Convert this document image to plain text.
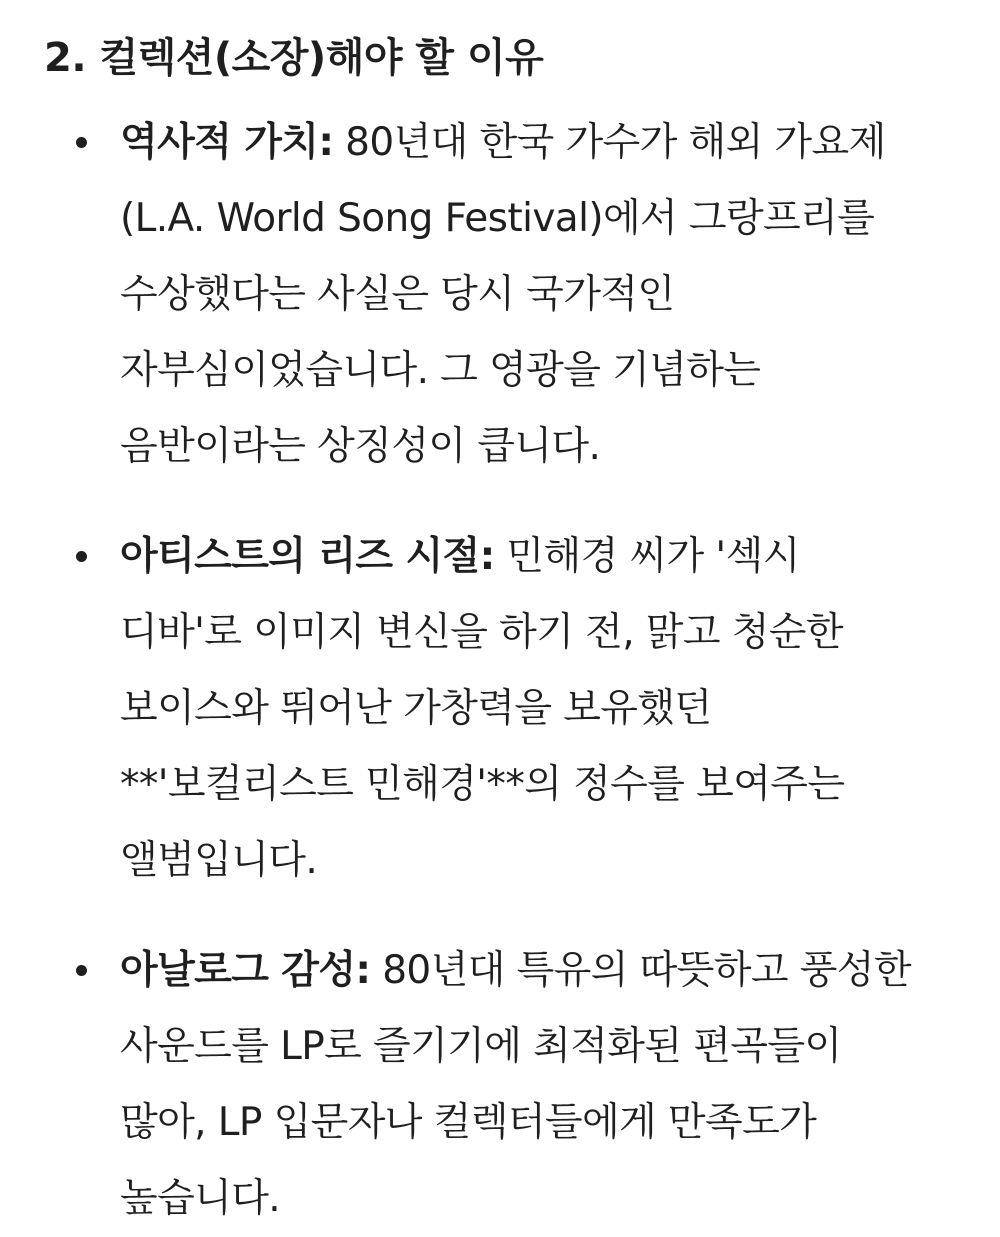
2. 컬렉션(소장)해야 할 이유
역사적 가치: 80년대 한국 가수가 해외 가요제(L.A. World Song Festival)에서 그랑프리를 수상했다는 사실은 당시 국가적인 자부심이었습니다. 그 영광을 기념하는 음반이라는 상징성이 큽니다.
아티스트의 리즈 시절: 민해경 씨가 '섹시 디바'로 이미지 변신을 하기 전, 맑고 청순한 보이스와 뛰어난 가창력을 보유했던 **'보컬리스트 민해경'**의 정수를 보여주는 앨범입니다.
아날로그 감성: 80년대 특유의 따뜻하고 풍성한 사운드를 LP로 즐기기에 최적화된 편곡들이 많아, LP 입문자나 컬렉터들에게 만족도가 높습니다.
